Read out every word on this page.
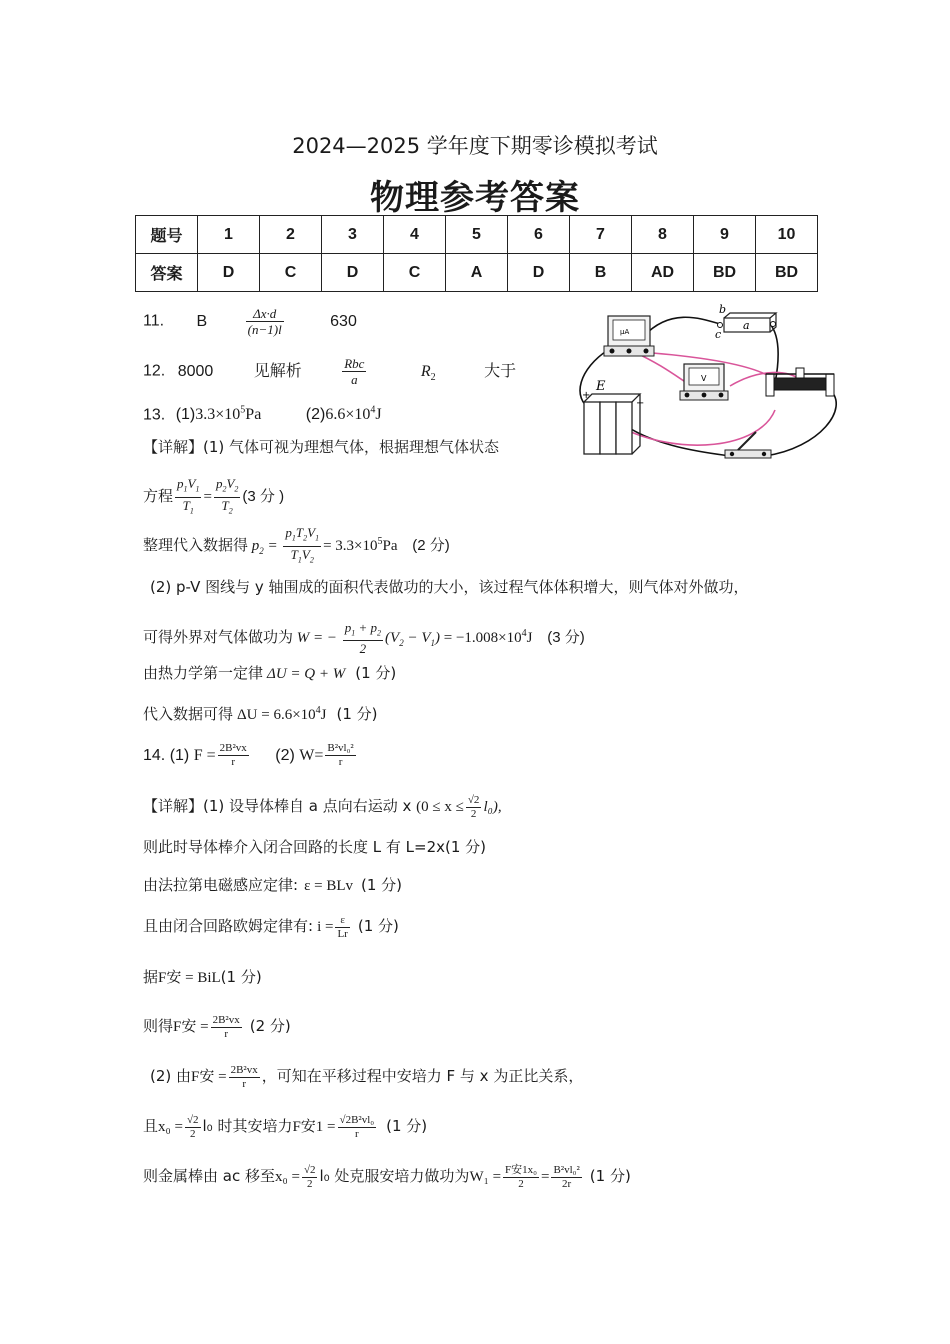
2024—2025 学年度下期零诊模拟考试
物理参考答案
题号	1	2	3	4	5	6	7	8	9	10
答案	D	C	D	C	A	D	B	AD	BD	BD
11. B	$\frac{\Delta x\cdot d}{(n-1)l}$	630
12. 8000	见解析	$\frac{\text{Rbc}}{a}$	$R_2$	大于
13. $(1)3.3\times 10^5Pa$	$(2)6.6\times 10^4J$
【详解】(1) 气体可视为理想气体，根据理想气体状态
方程 $\frac{p_1V_1}{T_1} = \frac{p_2V_2}{T_2} (3$ 分 )
整理代入数据得 $p_2 = \frac{p_1T_2V_1}{T_1V_2} = 3.3\times 10^5Pa$ (2 分)
(2) p-V 图线与 y 轴围成的面积代表做功的大小，该过程气体体积增大，则气体对外做功，
可得外界对气体做功为 W = − $\frac{p_1 + p_2}{2} (V_2 - V_1) = -1.008\times 10^4J$ (3 分)
由热力学第一定律 ΔU = Q + W (1 分)
代入数据可得 $\Delta U = 6.6\times 10^4J$ (1 分)
14. (1) $F = \frac{\text{2B²vx}}{r} (2)$ $W= \frac{\text{B²vl₀²}}{r}$
【详解】(1) 设导体棒自 a 点向右运动 x $(0 \le x \le \frac{√2}{2} l_0)$,
则此时导体棒介入闭合回路的长度 L 有 L=2x(1 分)
由法拉第电磁感应定律: ε = BLv (1 分)
且由闭合回路欧姆定律有: $i = \frac{\varepsilon}{Lr} (1$ 分)
据F安 = BiL(1 分)
则得F安 = $\frac{\text{2B²vx}}{r} (2$ 分)
(2) 由F安 = $\frac{\text{2B²vx}}{r}$ ，可知在平移过程中安培力 F 与 x 为正比关系，
且$x_0 = \frac{√2}{2} l_0$ 时其安培力F安$1 = \frac{\text{√2B²vl₀}}{r} (1$ 分)
则金属棒由 ac 移至$x_0 = \frac{√2}{2} l_0$ 处克服安培力做功为$W_1 = \frac{\text{F安1x₀}}{2} = \frac{\text{B²vl₀²}}{2r} (1$ 分)
μA
V
a
b
c
E
+
−
